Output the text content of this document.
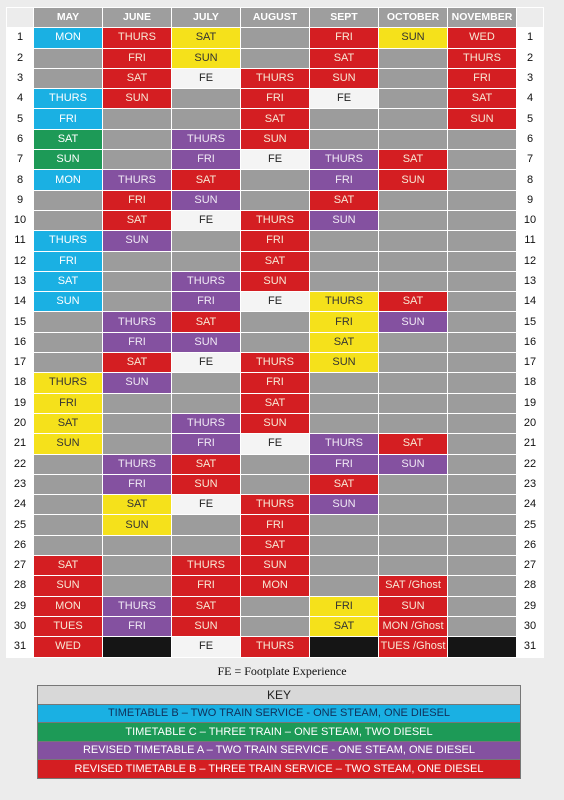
	MAY	JUNE	JULY	AUGUST	SEPT	OCTOBER	NOVEMBER	
1	MON	THURS	SAT		FRI	SUN	WED	1
2		FRI	SUN		SAT		THURS	2
3		SAT	FE	THURS	SUN		FRI	3
4	THURS	SUN		FRI	FE		SAT	4
5	FRI			SAT			SUN	5
6	SAT		THURS	SUN				6
7	SUN		FRI	FE	THURS	SAT		7
8	MON	THURS	SAT		FRI	SUN		8
9		FRI	SUN		SAT			9
10		SAT	FE	THURS	SUN			10
11	THURS	SUN		FRI				11
12	FRI			SAT				12
13	SAT		THURS	SUN				13
14	SUN		FRI	FE	THURS	SAT		14
15		THURS	SAT		FRI	SUN		15
16		FRI	SUN		SAT			16
17		SAT	FE	THURS	SUN			17
18	THURS	SUN		FRI				18
19	FRI			SAT				19
20	SAT		THURS	SUN				20
21	SUN		FRI	FE	THURS	SAT		21
22		THURS	SAT		FRI	SUN		22
23		FRI	SUN		SAT			23
24		SAT	FE	THURS	SUN			24
25		SUN		FRI				25
26				SAT				26
27	SAT		THURS	SUN				27
28	SUN		FRI	MON		SAT /Ghost		28
29	MON	THURS	SAT		FRI	SUN		29
30	TUES	FRI	SUN		SAT	MON /Ghost		30
31	WED		FE	THURS		TUES /Ghost		31
FE = Footplate Experience
KEY
TIMETABLE B – TWO TRAIN SERVICE - ONE STEAM, ONE DIESEL
TIMETABLE C – THREE TRAIN – ONE STEAM, TWO DIESEL
REVISED TIMETABLE A – TWO TRAIN SERVICE - ONE STEAM, ONE DIESEL
REVISED TIMETABLE B – THREE TRAIN SERVICE – TWO STEAM, ONE DIESEL
